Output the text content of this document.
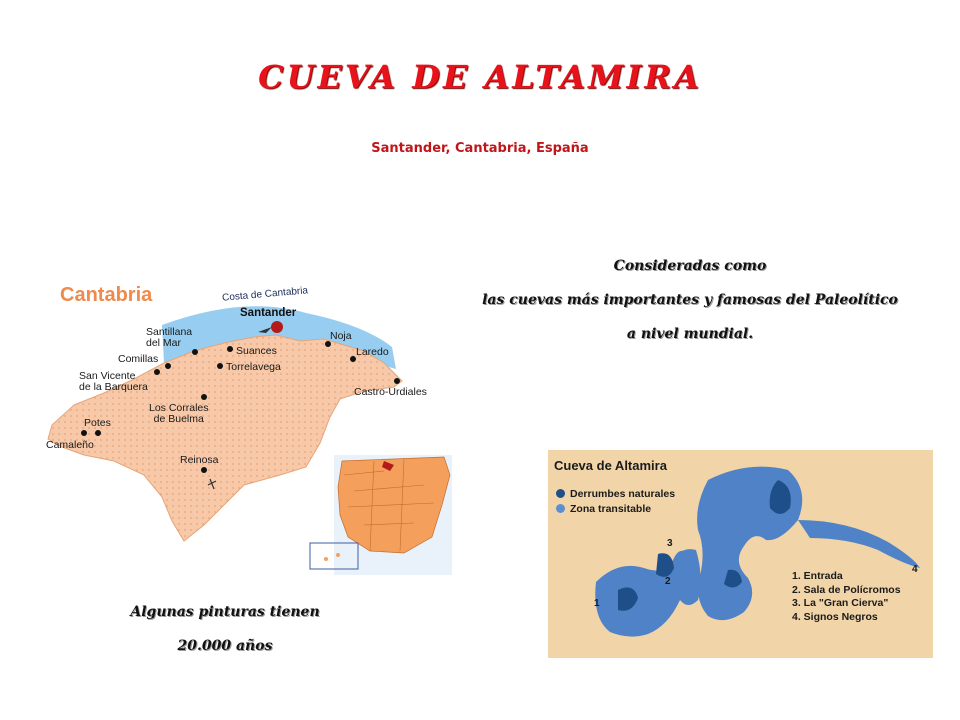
CUEVA DE ALTAMIRA
Santander, Cantabria, España
Consideradas como
las cuevas más importantes y famosas del Paleolítico
a nivel mundial.
Cantabria	Costa de Cantabria
Santander
Santillana
del Mar
Comillas
San Vicente
de la Barquera
Suances
Torrelavega
Noja
Laredo
Castro-Urdiales
Los Corrales
de Buelma
Potes
Camaleño
Reinosa
Algunas pinturas tienen
20.000 años
Cueva de Altamira
Derrumbes naturales
Zona transitable
1
2
3
4
1. Entrada
2. Sala de Polícromos
3. La "Gran Cierva"
4. Signos Negros
